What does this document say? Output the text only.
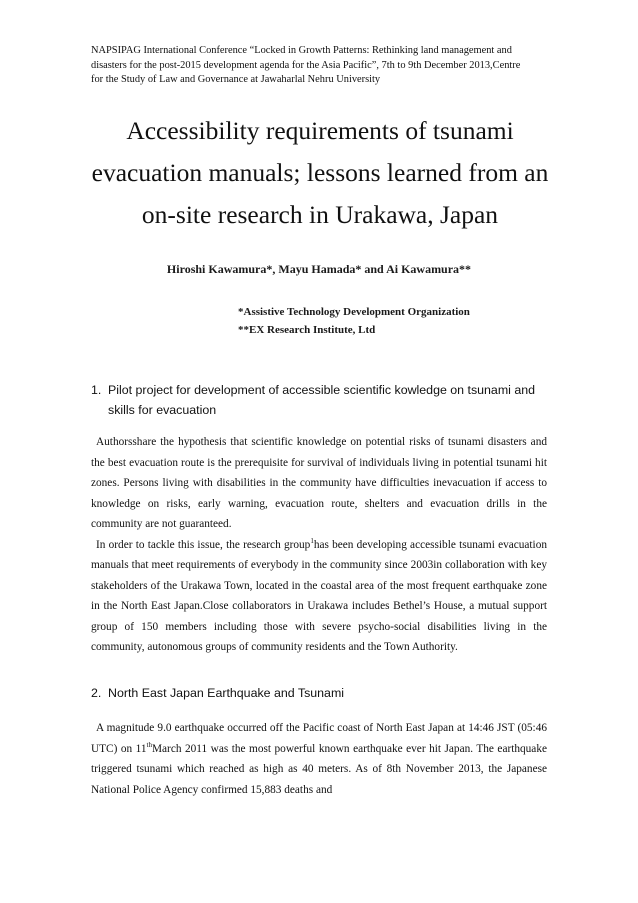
NAPSIPAG International Conference “Locked in Growth Patterns: Rethinking land management and
disasters for the post-2015 development agenda for the Asia Pacific”, 7th to 9th December 2013,Centre
for the Study of Law and Governance at Jawaharlal Nehru University
Accessibility requirements of tsunami
evacuation manuals; lessons learned from an
on-site research in Urakawa, Japan
Hiroshi Kawamura*, Mayu Hamada* and Ai Kawamura**
*Assistive Technology Development Organization
**EX Research Institute, Ltd
1. Pilot project for development of accessible scientific kowledge on tsunami and skills for evacuation

Authorsshare the hypothesis that scientific knowledge on potential risks of tsunami disasters and the best evacuation route is the prerequisite for survival of individuals living in potential tsunami hit zones. Persons living with disabilities in the community have difficulties inevacuation if access to knowledge on risks, early warning, evacuation route, shelters and evacuation drills in the community are not guaranteed.

In order to tackle this issue, the research group$^1$has been developing accessible tsunami evacuation manuals that meet requirements of everybody in the community since 2003in collaboration with key stakeholders of the Urakawa Town, located in the coastal area of the most frequent earthquake zone in the North East Japan.Close collaborators in Urakawa includes Bethel’s House, a mutual support group of 150 members including those with severe psycho-social disabilities living in the community, autonomous groups of community residents and the Town Authority.

2. North East Japan Earthquake and Tsunami

A magnitude 9.0 earthquake occurred off the Pacific coast of North East Japan at 14:46 JST (05:46 UTC) on 11thMarch 2011 was the most powerful known earthquake ever hit Japan. The earthquake triggered tsunami which reached as high as 40 meters. As of 8th November 2013, the Japanese National Police Agency confirmed 15,883 deaths and
